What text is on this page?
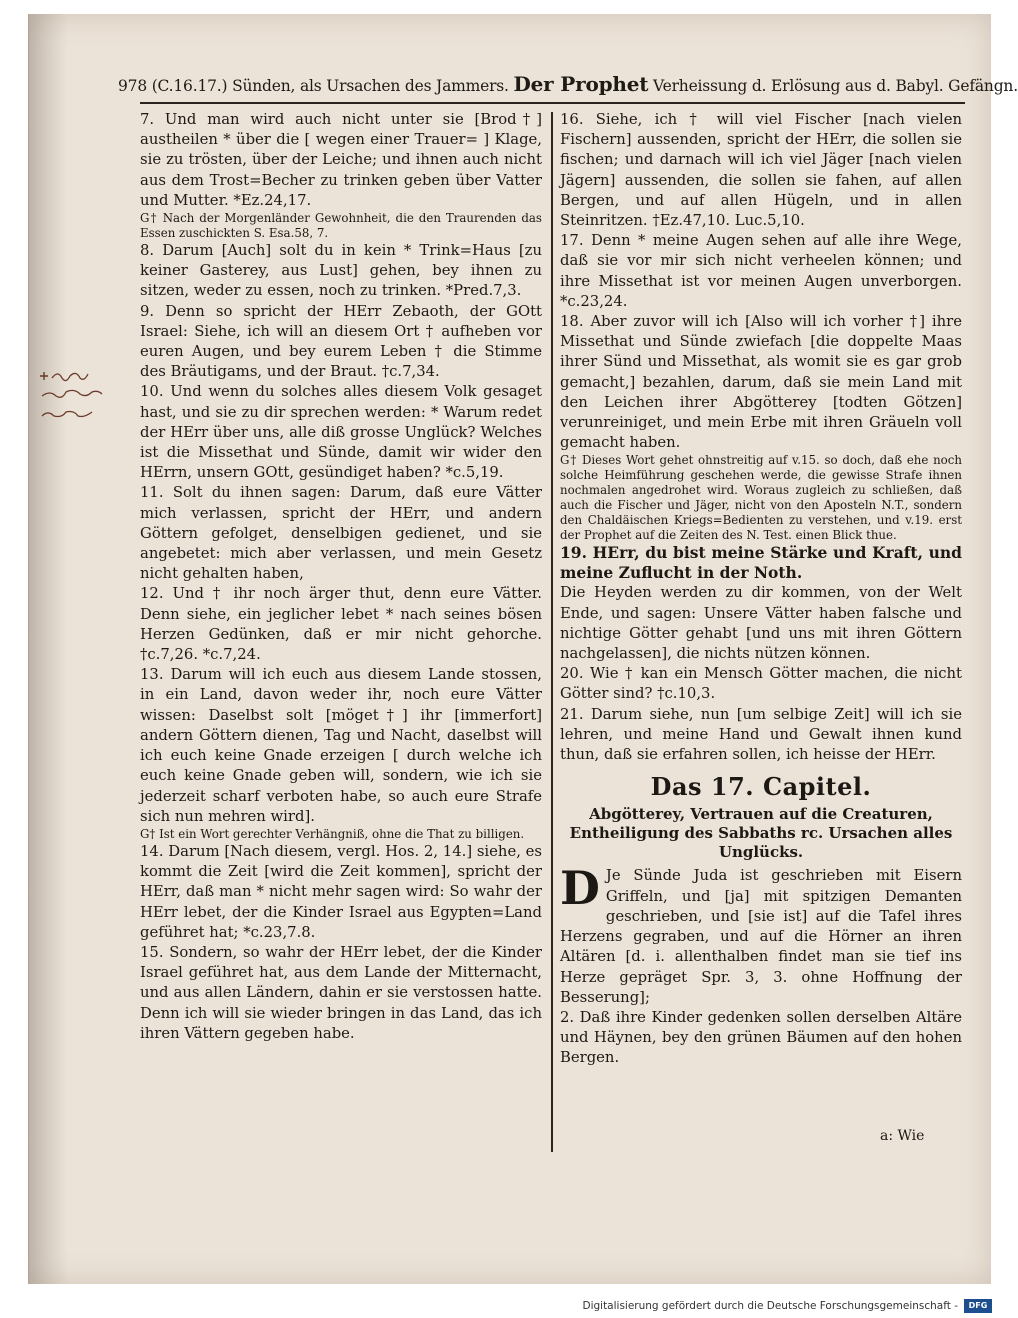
978 (C.16.17.) Sünden, als Ursachen des Jammers. Der Prophet Verheissung d. Erlösung aus d. Babyl. Gefängn.

7. Und man wird auch nicht unter sie [Brod†] austheilen * über die [ wegen einer Trauer= ] Klage, sie zu trösten, über der Leiche; und ihnen auch nicht aus dem Trost=Becher zu trinken geben über Vatter und Mutter. *Ez.24,17.

G† Nach der Morgenländer Gewohnheit, die den Traurenden das Essen zuschickten S. Esa.58, 7.

8. Darum [Auch] solt du in kein * Trink=Haus [zu keiner Gasterey, aus Lust] gehen, bey ihnen zu sitzen, weder zu essen, noch zu trinken. *Pred.7,3.

9. Denn so spricht der HErr Zebaoth, der GOtt Israel: Siehe, ich will an diesem Ort † aufheben vor euren Augen, und bey eurem Leben † die Stimme des Bräutigams, und der Braut. †c.7,34.

10. Und wenn du solches alles diesem Volk gesaget hast, und sie zu dir sprechen werden: * Warum redet der HErr über uns, alle diß grosse Unglück? Welches ist die Missethat und Sünde, damit wir wider den HErrn, unsern GOtt, gesündiget haben? *c.5,19.

11. Solt du ihnen sagen: Darum, daß eure Vätter mich verlassen, spricht der HErr, und andern Göttern gefolget, denselbigen gedienet, und sie angebetet: mich aber verlassen, und mein Gesetz nicht gehalten haben,

12. Und † ihr noch ärger thut, denn eure Vätter. Denn siehe, ein jeglicher lebet * nach seines bösen Herzen Gedünken, daß er mir nicht gehorche. †c.7,26. *c.7,24.

13. Darum will ich euch aus diesem Lande stossen, in ein Land, davon weder ihr, noch eure Vätter wissen: Daselbst solt [möget†] ihr [immerfort] andern Göttern dienen, Tag und Nacht, daselbst will ich euch keine Gnade erzeigen [ durch welche ich euch keine Gnade geben will, sondern, wie ich sie jederzeit scharf verboten habe, so auch eure Strafe sich nun mehren wird].

G† Ist ein Wort gerechter Verhängniß, ohne die That zu billigen.

14. Darum [Nach diesem, vergl. Hos. 2, 14.] siehe, es kommt die Zeit [wird die Zeit kommen], spricht der HErr, daß man * nicht mehr sagen wird: So wahr der HErr lebet, der die Kinder Israel aus Egypten=Land geführet hat; *c.23,7.8.

15. Sondern, so wahr der HErr lebet, der die Kinder Israel geführet hat, aus dem Lande der Mitternacht, und aus allen Ländern, dahin er sie verstossen hatte. Denn ich will sie wieder bringen in das Land, das ich ihren Vättern gegeben habe.

16. Siehe, ich † will viel Fischer [nach vielen Fischern] aussenden, spricht der HErr, die sollen sie fischen; und darnach will ich viel Jäger [nach vielen Jägern] aussenden, die sollen sie fahen, auf allen Bergen, und auf allen Hügeln, und in allen Steinritzen. †Ez.47,10. Luc.5,10.

17. Denn * meine Augen sehen auf alle ihre Wege, daß sie vor mir sich nicht verheelen können; und ihre Missethat ist vor meinen Augen unverborgen. *c.23,24.

18. Aber zuvor will ich [Also will ich vorher †] ihre Missethat und Sünde zwiefach [die doppelte Maas ihrer Sünd und Missethat, als womit sie es gar grob gemacht,] bezahlen, darum, daß sie mein Land mit den Leichen ihrer Abgötterey [todten Götzen] verunreiniget, und mein Erbe mit ihren Gräueln voll gemacht haben.

G† Dieses Wort gehet ohnstreitig auf v.15. so doch, daß ehe noch solche Heimführung geschehen werde, die gewisse Strafe ihnen nochmalen angedrohet wird. Woraus zugleich zu schließen, daß auch die Fischer und Jäger, nicht von den Aposteln N.T., sondern den Chaldäischen Kriegs=Bedienten zu verstehen, und v.19. erst der Prophet auf die Zeiten des N. Test. einen Blick thue.

19. HErr, du bist meine Stärke und Kraft, und meine Zuflucht in der Noth.

Die Heyden werden zu dir kommen, von der Welt Ende, und sagen: Unsere Vätter haben falsche und nichtige Götter gehabt [und uns mit ihren Göttern nachgelassen], die nichts nützen können.

20. Wie † kan ein Mensch Götter machen, die nicht Götter sind? †c.10,3.

21. Darum siehe, nun [um selbige Zeit] will ich sie lehren, und meine Hand und Gewalt ihnen kund thun, daß sie erfahren sollen, ich heisse der HErr.

Das 17. Capitel.
Abgötterey, Vertrauen auf die Creaturen, Entheiligung des Sabbaths rc. Ursachen alles Unglücks.

D Je Sünde Juda ist geschrieben mit Eisern Griffeln, und [ja] mit spitzigen Demanten geschrieben, und [sie ist] auf die Tafel ihres Herzens gegraben, und auf die Hörner an ihren Altären [d. i. allenthalben findet man sie tief ins Herze gepräget Spr. 3, 3. ohne Hoffnung der Besserung];

2. Daß ihre Kinder gedenken sollen derselben Altäre und Häynen, bey den grünen Bäumen auf den hohen Bergen.

a: Wie
Digitalisierung gefördert durch die Deutsche Forschungsgemeinschaft -	DFG
